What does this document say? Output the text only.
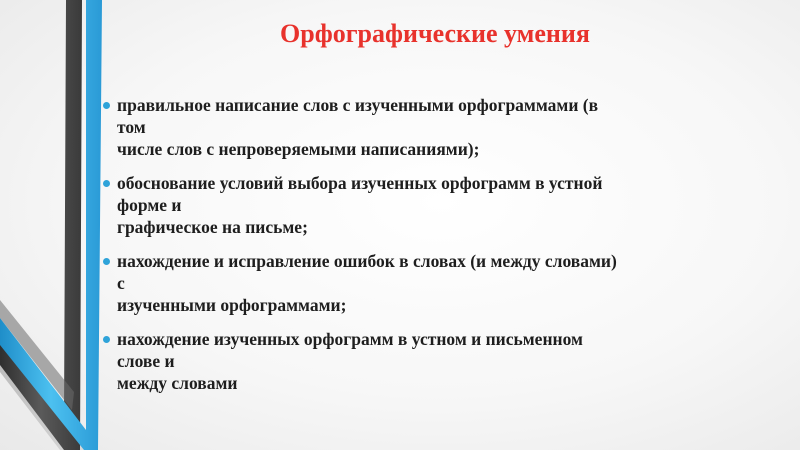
Орфографические умения
правильное написание слов с изученными орфограммами (в
том
числе слов с непроверяемыми написаниями);
обоснование условий выбора изученных орфограмм в устной
форме и
графическое на письме;
нахождение и исправление ошибок в словах (и между словами)
с
изученными орфограммами;
нахождение изученных орфограмм в устном и письменном
слове и
между словами
